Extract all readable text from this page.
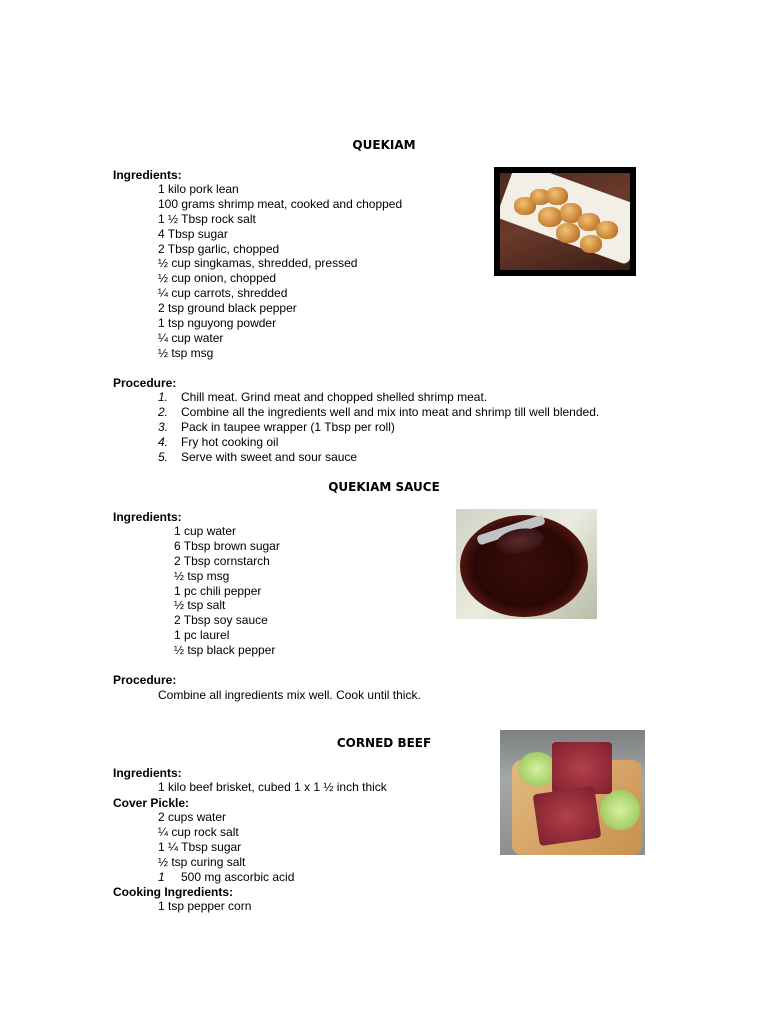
QUEKIAM
Ingredients:
1 kilo pork lean
100 grams shrimp meat, cooked and chopped
1 ½ Tbsp rock salt
4 Tbsp sugar
2 Tbsp garlic, chopped
½ cup singkamas, shredded, pressed
½ cup onion, chopped
¼ cup carrots, shredded
2 tsp ground black pepper
1 tsp nguyong powder
¼ cup water
½ tsp msg
Procedure:
1. Chill meat. Grind meat and chopped shelled shrimp meat.
2. Combine all the ingredients well and mix into meat and shrimp till well blended.
3. Pack in taupee wrapper (1 Tbsp per roll)
4. Fry hot cooking oil
5. Serve with sweet and sour sauce
QUEKIAM SAUCE
Ingredients:
1 cup water
6 Tbsp brown sugar
2 Tbsp cornstarch
½ tsp msg
1 pc chili pepper
½ tsp salt
2 Tbsp soy sauce
1 pc laurel
½ tsp black pepper
Procedure:
Combine all ingredients mix well. Cook until thick.
CORNED BEEF
Ingredients:
1 kilo beef brisket, cubed 1 x 1 ½ inch thick
Cover Pickle:
2 cups water
¼ cup rock salt
1 ¼ Tbsp sugar
½ tsp curing salt
1 500 mg ascorbic acid
Cooking Ingredients:
1 tsp pepper corn
